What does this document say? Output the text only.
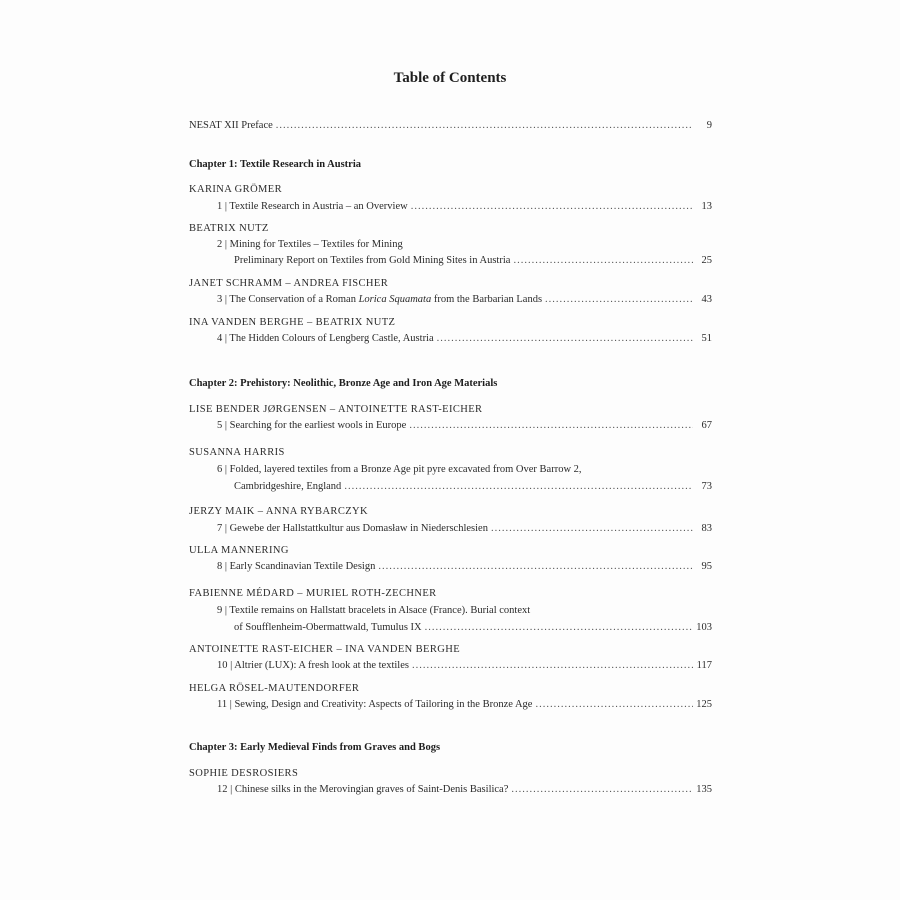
Table of Contents
NESAT XII Preface .....	9
Chapter 1: Textile Research in Austria
KARINA GRÖMER
1 | Textile Research in Austria – an Overview .....	13
BEATRIX NUTZ
2 | Mining for Textiles – Textiles for Mining
Preliminary Report on Textiles from Gold Mining Sites in Austria .....	25
JANET SCHRAMM – ANDREA FISCHER
3 | The Conservation of a Roman Lorica Squamata from the Barbarian Lands .....	43
INA VANDEN BERGHE – BEATRIX NUTZ
4 | The Hidden Colours of Lengberg Castle, Austria .....	51
Chapter 2: Prehistory: Neolithic, Bronze Age and Iron Age Materials
LISE BENDER JØRGENSEN – ANTOINETTE RAST-EICHER
5 | Searching for the earliest wools in Europe .....	67
SUSANNA HARRIS
6 | Folded, layered textiles from a Bronze Age pit pyre excavated from Over Barrow 2,
Cambridgeshire, England .....	73
JERZY MAIK – ANNA RYBARCZYK
7 | Gewebe der Hallstattkultur aus Domasław in Niederschlesien .....	83
ULLA MANNERING
8 | Early Scandinavian Textile Design .....	95
FABIENNE MÉDARD – MURIEL ROTH-ZECHNER
9 | Textile remains on Hallstatt bracelets in Alsace (France). Burial context
of Soufflenheim-Obermattwald, Tumulus IX .....	103
ANTOINETTE RAST-EICHER – INA VANDEN BERGHE
10 | Altrier (LUX): A fresh look at the textiles .....	117
HELGA RÖSEL-MAUTENDORFER
11 | Sewing, Design and Creativity: Aspects of Tailoring in the Bronze Age .....	125
Chapter 3: Early Medieval Finds from Graves and Bogs
SOPHIE DESROSIERS
12 | Chinese silks in the Merovingian graves of Saint-Denis Basilica? .....	135
